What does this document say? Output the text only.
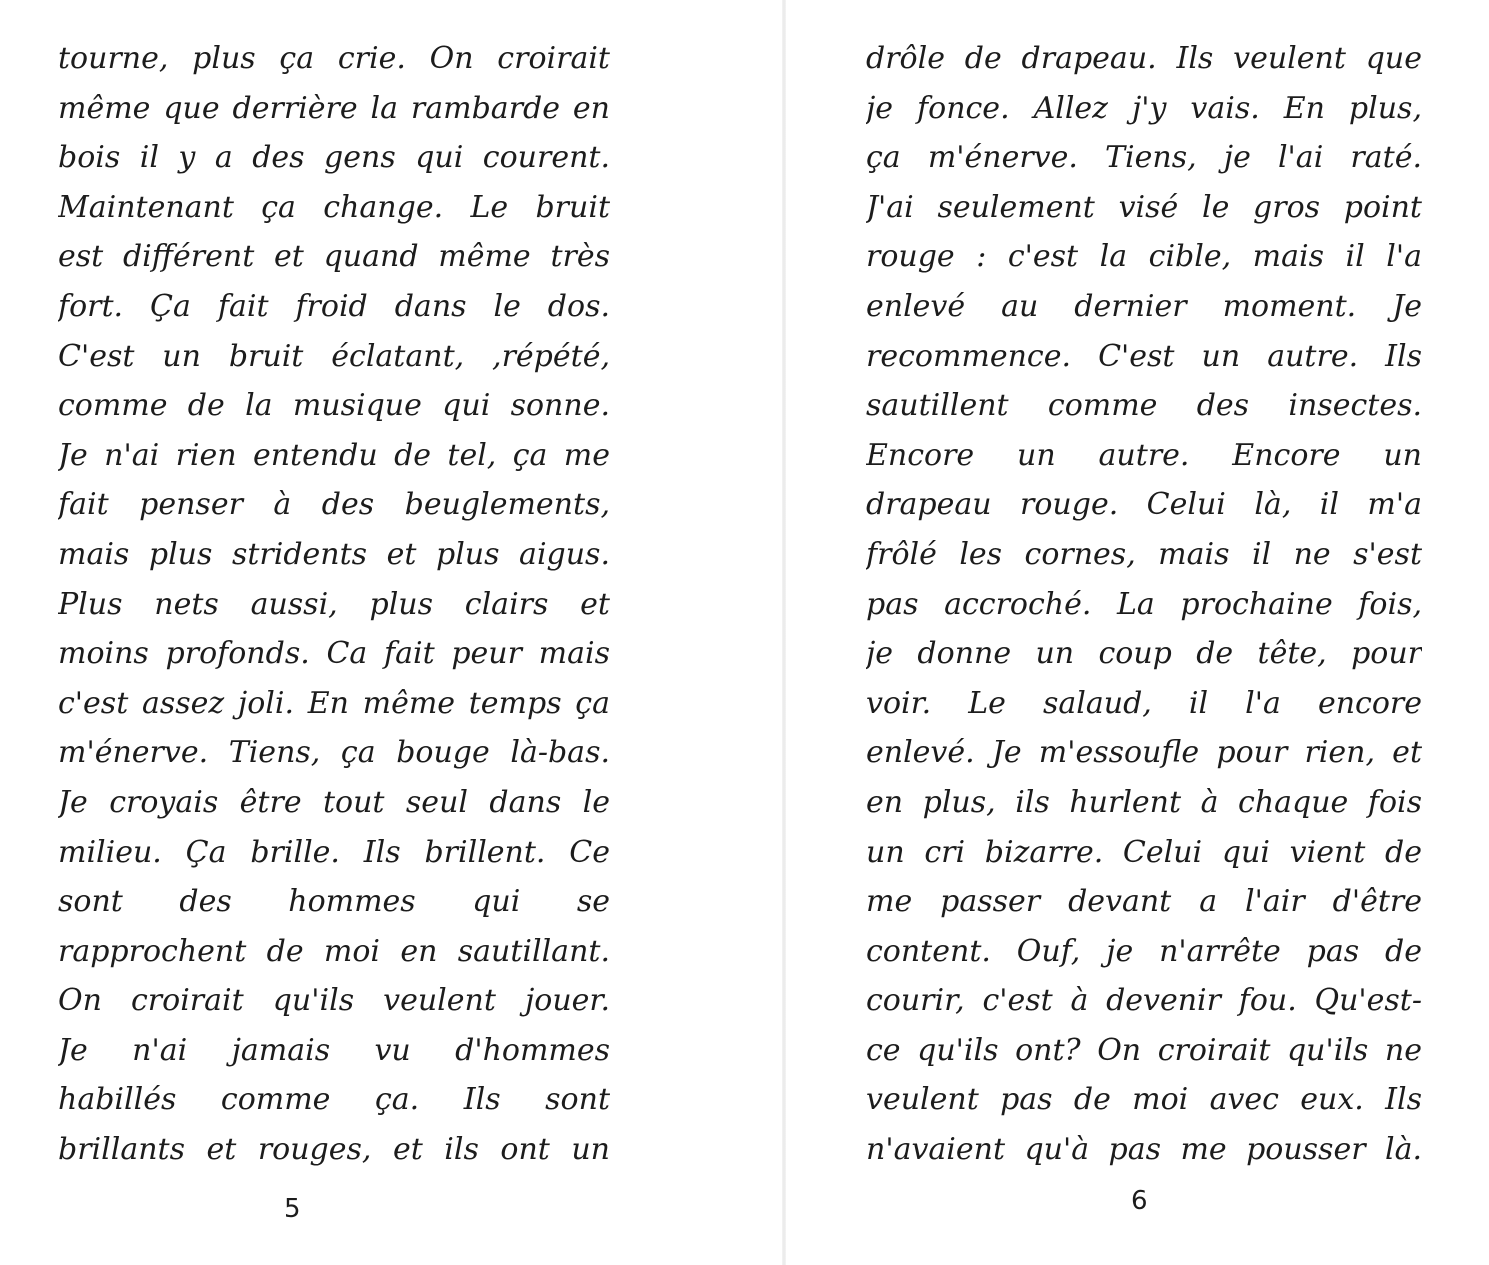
tourne, plus ça crie. On croirait
même que derrière la rambarde en
bois il y a des gens qui courent.
Maintenant ça change. Le bruit
est différent et quand même très
fort. Ça fait froid dans le dos.
C'est un bruit éclatant, ,répété,
comme de la musique qui sonne.
Je n'ai rien entendu de tel, ça me
fait penser à des beuglements,
mais plus stridents et plus aigus.
Plus nets aussi, plus clairs et
moins profonds. Ca fait peur mais
c'est assez joli. En même temps ça
m'énerve. Tiens, ça bouge là-bas.
Je croyais être tout seul dans le
milieu. Ça brille. Ils brillent. Ce
sont des hommes qui se
rapprochent de moi en sautillant.
On croirait qu'ils veulent jouer.
Je n'ai jamais vu d'hommes
habillés comme ça. Ils sont
brillants et rouges, et ils ont un
5
drôle de drapeau. Ils veulent que
je fonce. Allez j'y vais. En plus,
ça m'énerve. Tiens, je l'ai raté.
J'ai seulement visé le gros point
rouge : c'est la cible, mais il l'a
enlevé au dernier moment. Je
recommence. C'est un autre. Ils
sautillent comme des insectes.
Encore un autre. Encore un
drapeau rouge. Celui là, il m'a
frôlé les cornes, mais il ne s'est
pas accroché. La prochaine fois,
je donne un coup de tête, pour
voir. Le salaud, il l'a encore
enlevé. Je m'essoufle pour rien, et
en plus, ils hurlent à chaque fois
un cri bizarre. Celui qui vient de
me passer devant a l'air d'être
content. Ouf, je n'arrête pas de
courir, c'est à devenir fou. Qu'est-
ce qu'ils ont? On croirait qu'ils ne
veulent pas de moi avec eux. Ils
n'avaient qu'à pas me pousser là.
6
